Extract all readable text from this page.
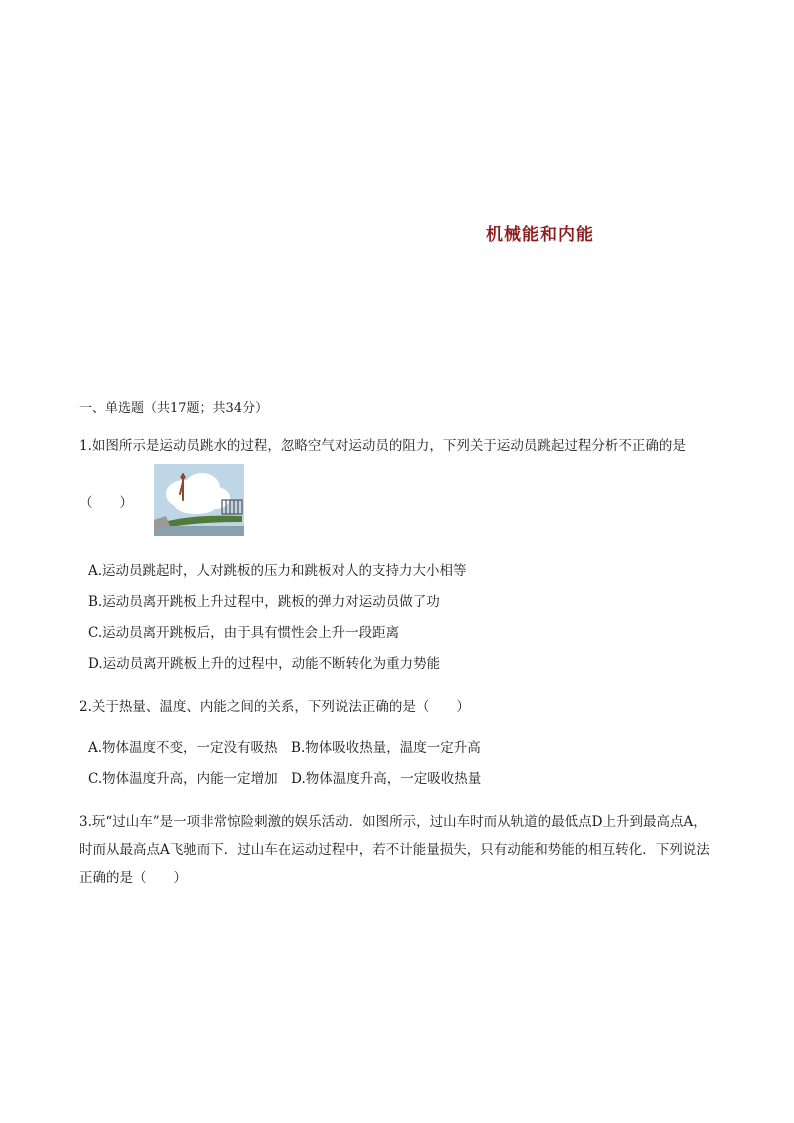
机械能和内能
一、单选题（共17题；共34分）
1.如图所示是运动员跳水的过程，忽略空气对运动员的阻力，下列关于运动员跳起过程分析不正确的是
（　　）
A.运动员跳起时，人对跳板的压力和跳板对人的支持力大小相等
B.运动员离开跳板上升过程中，跳板的弹力对运动员做了功
C.运动员离开跳板后，由于具有惯性会上升一段距离
D.运动员离开跳板上升的过程中，动能不断转化为重力势能
2.关于热量、温度、内能之间的关系，下列说法正确的是（　　）
A.物体温度不变，一定没有吸热　B.物体吸收热量，温度一定升高
C.物体温度升高，内能一定增加　D.物体温度升高，一定吸收热量
3.玩“过山车”是一项非常惊险刺激的娱乐活动．如图所示，过山车时而从轨道的最低点D上升到最高点A，时而从最高点A飞驰而下．过山车在运动过程中，若不计能量损失，只有动能和势能的相互转化．下列说法正确的是（　　）
